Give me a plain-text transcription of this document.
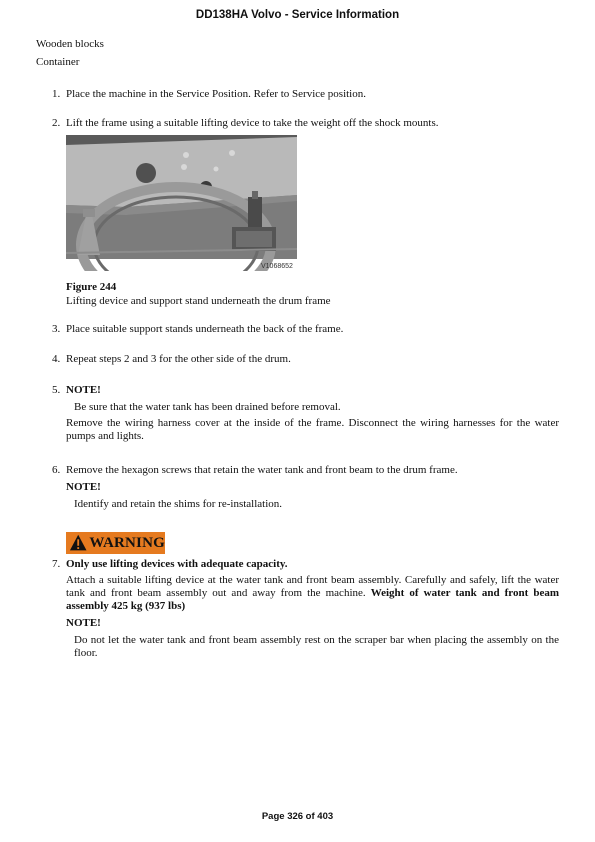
DD138HA Volvo - Service Information
Wooden blocks
Container
1. Place the machine in the Service Position. Refer to Service position.
2. Lift the frame using a suitable lifting device to take the weight off the shock mounts.
V1068652
Figure 244
Lifting device and support stand underneath the drum frame
3. Place suitable support stands underneath the back of the frame.
4. Repeat steps 2 and 3 for the other side of the drum.
5. NOTE!
Be sure that the water tank has been drained before removal.
Remove the wiring harness cover at the inside of the frame. Disconnect the wiring harnesses for the water pumps and lights.
6. Remove the hexagon screws that retain the water tank and front beam to the drum frame.
NOTE!
Identify and retain the shims for re-installation.
WARNING
7. Only use lifting devices with adequate capacity.
Attach a suitable lifting device at the water tank and front beam assembly. Carefully and safely, lift the water tank and front beam assembly out and away from the machine. Weight of water tank and front beam assembly 425 kg (937 lbs)
NOTE!
Do not let the water tank and front beam assembly rest on the scraper bar when placing the assembly on the floor.
Page 326 of 403
